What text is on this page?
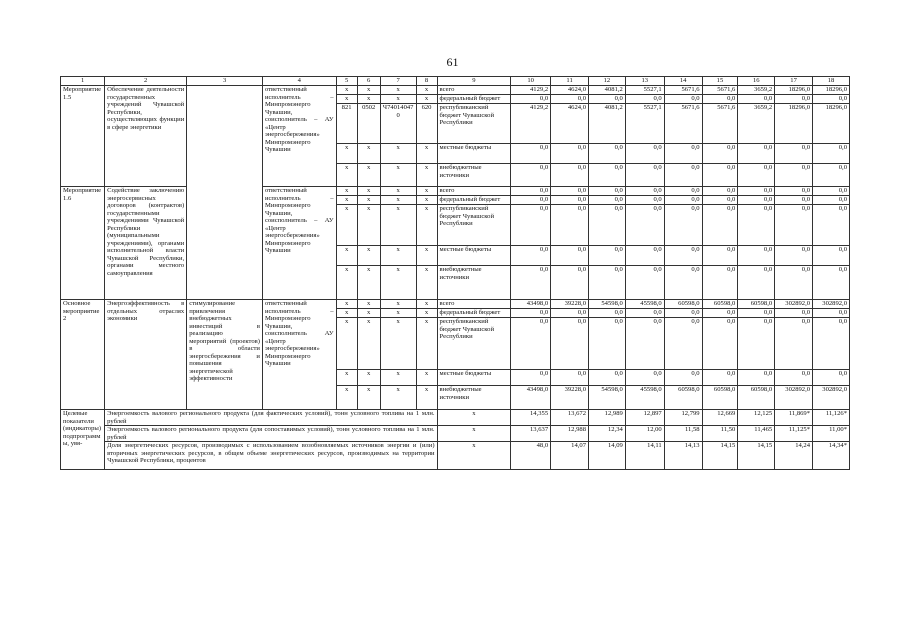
61
1	2	3	4	5	6	7	8	9	10	11	12	13	14	15	16	17	18
Мероприятие 1.5	Обеспечение деятельности государственных учреждений Чувашской Республики, осуществляющих функции в сфере энергетики		ответственный исполнитель – Минпромэнерго Чувашии, соисполнитель – АУ «Центр энергосбережения» Минпромэнерго Чувашии	x	x	x	x	всего	4129,2	4624,0	4081,2	5527,1	5671,6	5671,6	3659,2	18296,0	18296,0
				x	x	x	x	федеральный бюджет	0,0	0,0	0,0	0,0	0,0	0,0	0,0	0,0	0,0
				821	0502	Ч740140470	620	республиканский бюджет Чувашской Республики	4129,2	4624,0	4081,2	5527,1	5671,6	5671,6	3659,2	18296,0	18296,0
				x	x	x	x	местные бюджеты	0,0	0,0	0,0	0,0	0,0	0,0	0,0	0,0	0,0
				x	x	x	x	внебюджетные источники	0,0	0,0	0,0	0,0	0,0	0,0	0,0	0,0	0,0
Мероприятие 1.6	Содействие заключению энергосервисных договоров (контрактов) государственными учреждениями Чувашской Республики (муниципальными учреждениями), органами исполнительной власти Чувашской Республики, органами местного самоуправления		ответственный исполнитель – Минпромэнерго Чувашии, соисполнитель – АУ «Центр энергосбережения» Минпромэнерго Чувашии	x	x	x	x	всего	0,0	0,0	0,0	0,0	0,0	0,0	0,0	0,0	0,0
				x	x	x	x	федеральный бюджет	0,0	0,0	0,0	0,0	0,0	0,0	0,0	0,0	0,0
				x	x	x	x	республиканский бюджет Чувашской Республики	0,0	0,0	0,0	0,0	0,0	0,0	0,0	0,0	0,0
				x	x	x	x	местные бюджеты	0,0	0,0	0,0	0,0	0,0	0,0	0,0	0,0	0,0
				x	x	x	x	внебюджетные источники	0,0	0,0	0,0	0,0	0,0	0,0	0,0	0,0	0,0
Основное мероприятие 2	Энергоэффективность в отдельных отраслях экономики	стимулирование привлечения внебюджетных инвестиций в реализацию мероприятий (проектов) в области энергосбережения и повышения энергетической эффективности	ответственный исполнитель – Минпромэнерго Чувашии, соисполнитель АУ «Центр энергосбережения» Минпромэнерго Чувашии	x	x	x	x	всего	43498,0	39228,0	54598,0	45598,0	60598,0	60598,0	60598,0	302892,0	302892,0
				x	x	x	x	федеральный бюджет	0,0	0,0	0,0	0,0	0,0	0,0	0,0	0,0	0,0
				x	x	x	x	республиканский бюджет Чувашской Республики	0,0	0,0	0,0	0,0	0,0	0,0	0,0	0,0	0,0
				x	x	x	x	местные бюджеты	0,0	0,0	0,0	0,0	0,0	0,0	0,0	0,0	0,0
				x	x	x	x	внебюджетные источники	43498,0	39228,0	54598,0	45598,0	60598,0	60598,0	60598,0	302892,0	302892,0
Целевые показатели (индикаторы) подпрограммы, увя-	Энергоемкость валового регионального продукта (для фактических условий), тонн условного топлива на 1 млн. рублей							x	14,355	13,672	12,989	12,897	12,799	12,669	12,125	11,869*	11,126*
	Энергоемкость валового регионального продукта (для сопоставимых условий), тонн условного топлива на 1 млн. рублей							x	13,637	12,988	12,34	12,00	11,58	11,50	11,465	11,125*	11,00*
	Доля энергетических ресурсов, производимых с использованием возобновляемых источников энергии и (или) вторичных энергетических ресурсов, в общем объеме энергетических ресурсов, производимых на территории Чувашской Республики, процентов							x	48,0	14,07	14,09	14,11	14,13	14,15	14,15	14,24	14,34*
